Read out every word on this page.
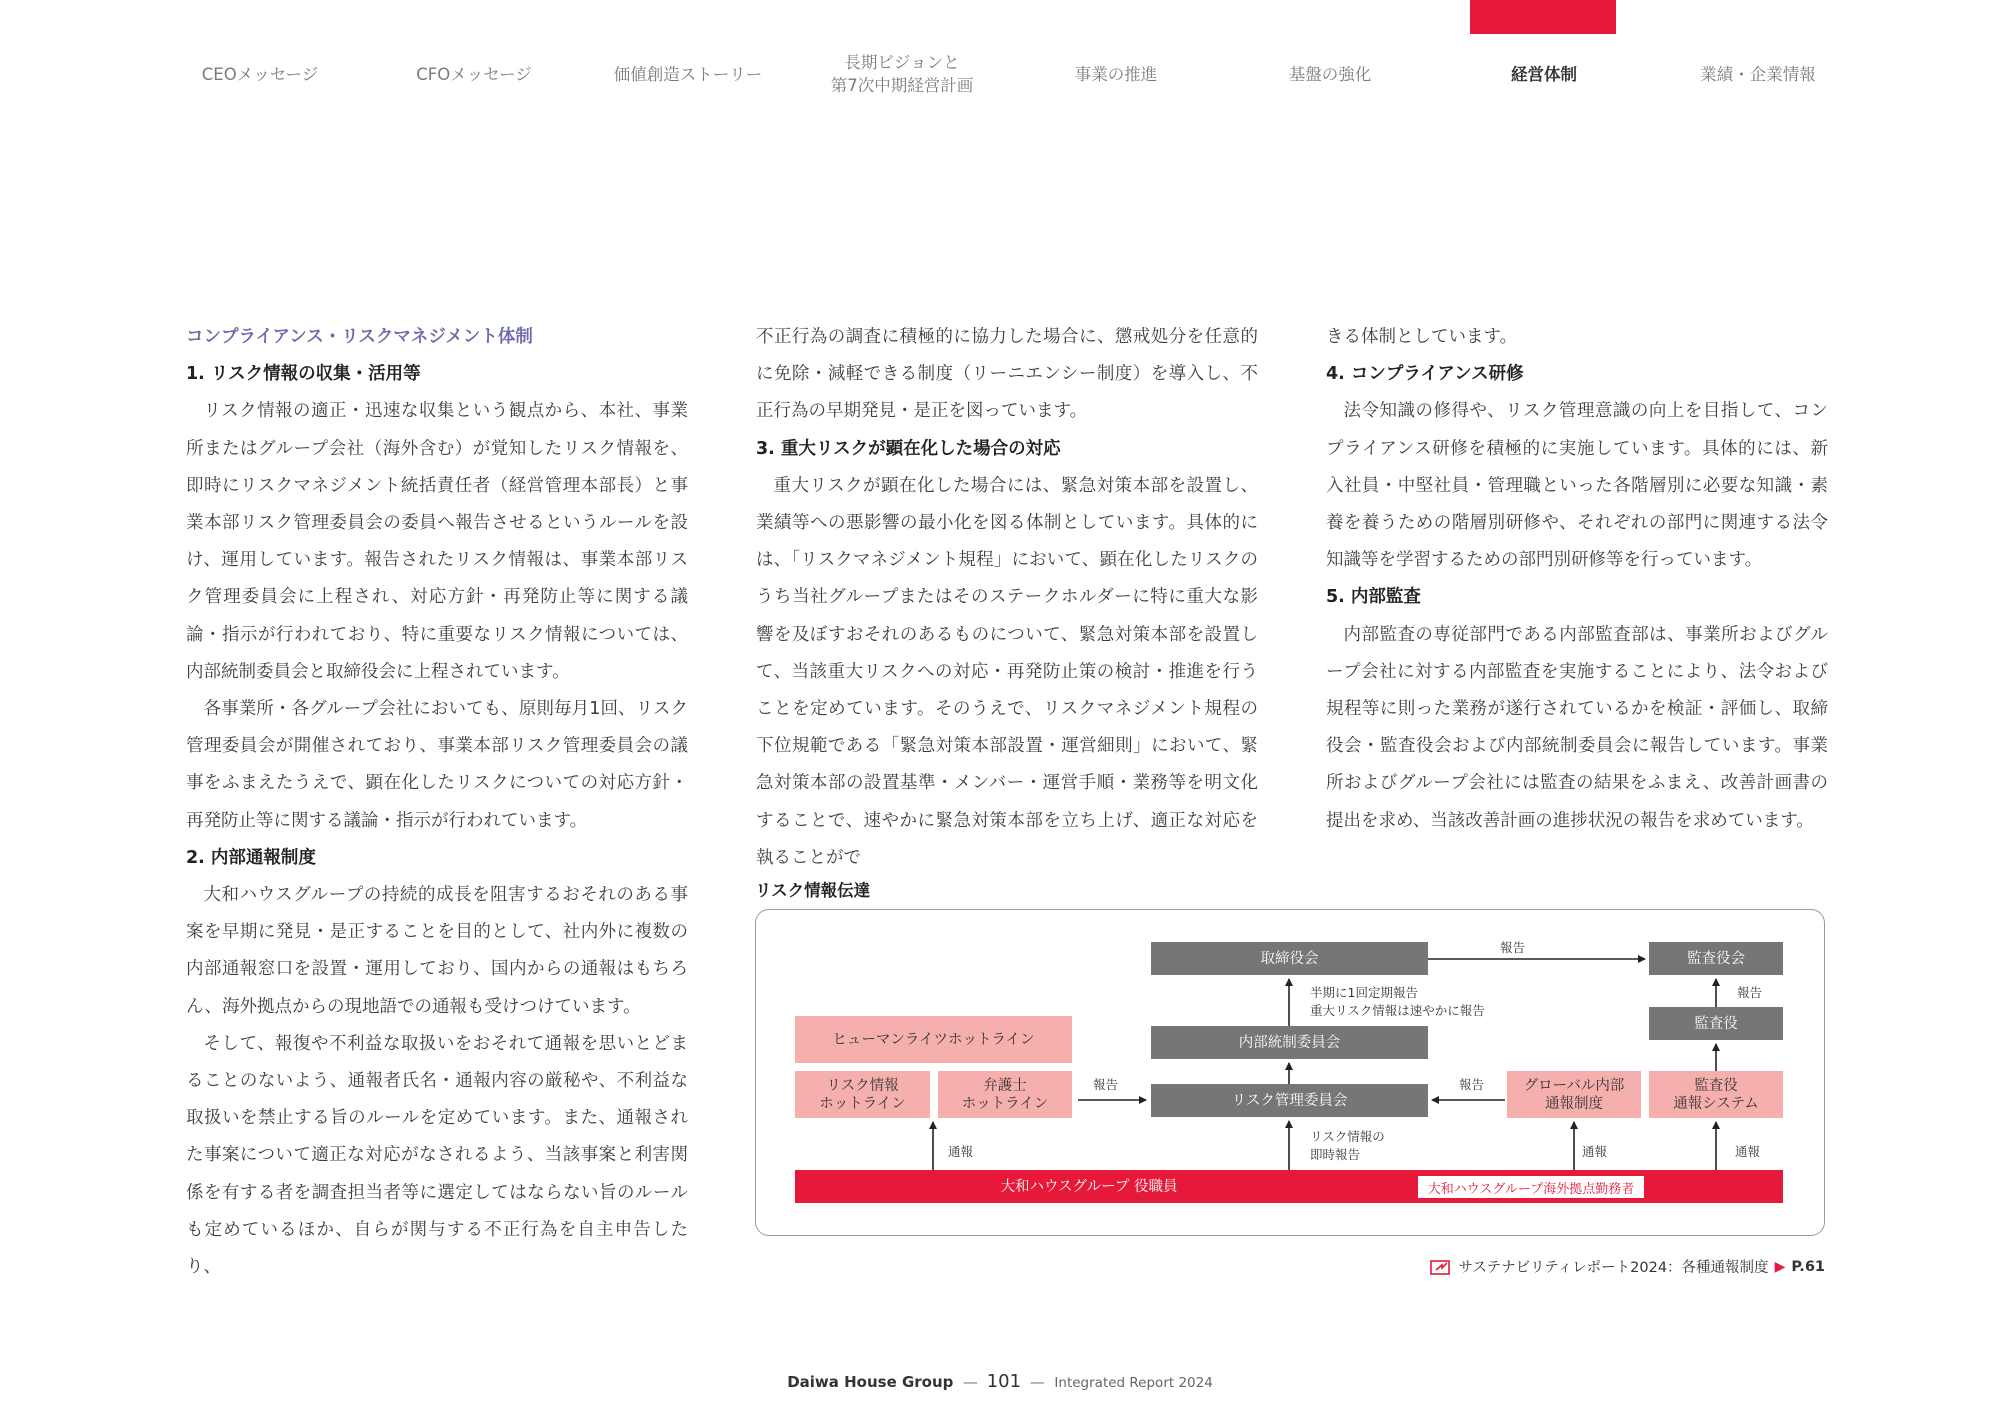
CEOメッセージ	CFOメッセージ	価値創造ストーリー
長期ビジョンと
第7次中期経営計画
事業の推進	基盤の強化	経営体制	業績・企業情報
コンプライアンス・リスクマネジメント体制
1. リスク情報の収集・活用等

リスク情報の適正・迅速な収集という観点から、本社、事業所またはグループ会社（海外含む）が覚知したリスク情報を、即時にリスクマネジメント統括責任者（経営管理本部長）と事業本部リスク管理委員会の委員へ報告させるというルールを設け、運用しています。報告されたリスク情報は、事業本部リスク管理委員会に上程され、対応方針・再発防止等に関する議論・指示が行われており、特に重要なリスク情報については、内部統制委員会と取締役会に上程されています。

各事業所・各グループ会社においても、原則毎月1回、リスク管理委員会が開催されており、事業本部リスク管理委員会の議事をふまえたうえで、顕在化したリスクについての対応方針・再発防止等に関する議論・指示が行われています。

2. 内部通報制度

大和ハウスグループの持続的成長を阻害するおそれのある事案を早期に発見・是正することを目的として、社内外に複数の内部通報窓口を設置・運用しており、国内からの通報はもちろん、海外拠点からの現地語での通報も受けつけています。

そして、報復や不利益な取扱いをおそれて通報を思いとどまることのないよう、通報者氏名・通報内容の厳秘や、不利益な取扱いを禁止する旨のルールを定めています。また、通報された事案について適正な対応がなされるよう、当該事案と利害関係を有する者を調査担当者等に選定してはならない旨のルールも定めているほか、自らが関与する不正行為を自主申告したり、

不正行為の調査に積極的に協力した場合に、懲戒処分を任意的に免除・減軽できる制度（リーニエンシー制度）を導入し、不正行為の早期発見・是正を図っています。

3. 重大リスクが顕在化した場合の対応

重大リスクが顕在化した場合には、緊急対策本部を設置し、業績等への悪影響の最小化を図る体制としています。具体的には、「リスクマネジメント規程」において、顕在化したリスクのうち当社グループまたはそのステークホルダーに特に重大な影響を及ぼすおそれのあるものについて、緊急対策本部を設置して、当該重大リスクへの対応・再発防止策の検討・推進を行うことを定めています。そのうえで、リスクマネジメント規程の下位規範である「緊急対策本部設置・運営細則」において、緊急対策本部の設置基準・メンバー・運営手順・業務等を明文化することで、速やかに緊急対策本部を立ち上げ、適正な対応を執ることがで

きる体制としています。

4. コンプライアンス研修

法令知識の修得や、リスク管理意識の向上を目指して、コンプライアンス研修を積極的に実施しています。具体的には、新入社員・中堅社員・管理職といった各階層別に必要な知識・素養を養うための階層別研修や、それぞれの部門に関連する法令知識等を学習するための部門別研修等を行っています。

5. 内部監査

内部監査の専従部門である内部監査部は、事業所およびグループ会社に対する内部監査を実施することにより、法令および規程等に則った業務が遂行されているかを検証・評価し、取締役会・監査役会および内部統制委員会に報告しています。事業所およびグループ会社には監査の結果をふまえ、改善計画書の提出を求め、当該改善計画の進捗状況の報告を求めています。

リスク情報伝達
取締役会	監査役会
監査役
内部統制委員会
リスク管理委員会
ヒューマンライツホットライン
リスク情報
ホットライン
弁護士
ホットライン
グローバル内部
通報制度
監査役
通報システム
大和ハウスグループ 役職員	大和ハウスグループ海外拠点勤務者
報告
報告
半期に1回定期報告
重大リスク情報は速やかに報告
報告	報告
リスク情報の
即時報告
通報	通報	通報
サステナビリティレポート2024：各種通報制度 ▶ P.61
Daiwa House Group  — 101 —  Integrated Report 2024
